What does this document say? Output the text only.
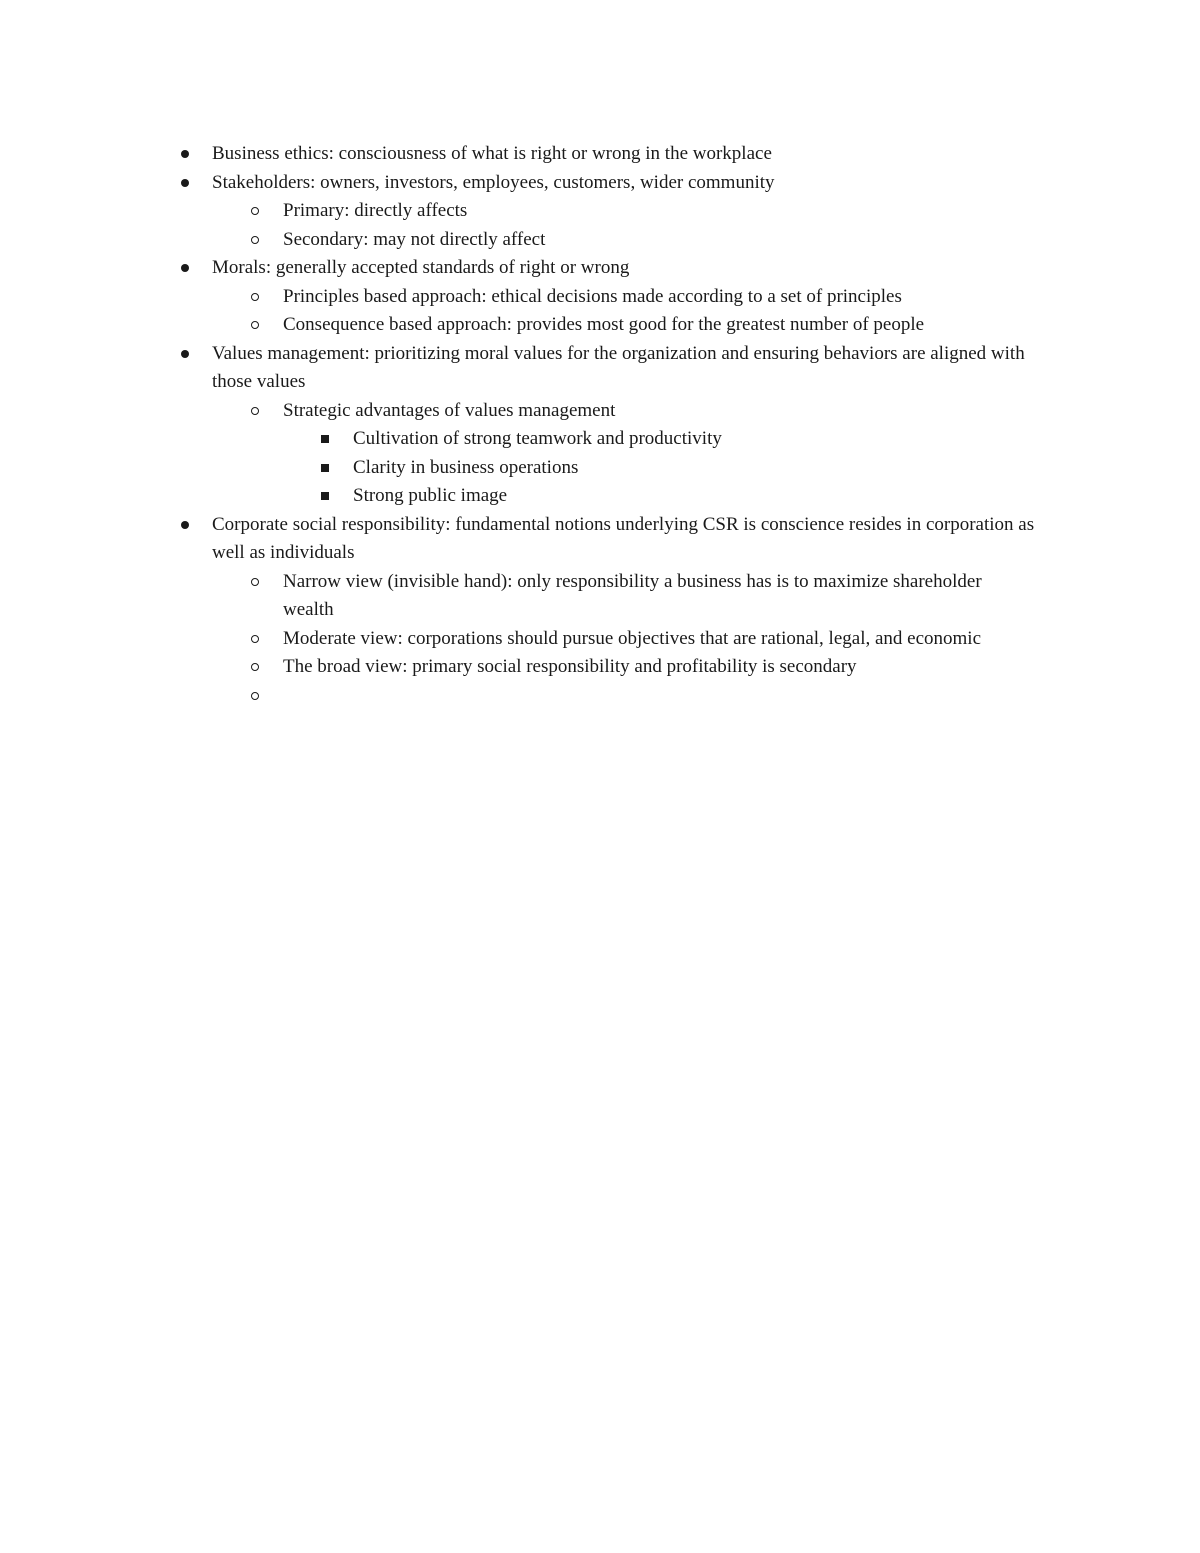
Business ethics: consciousness of what is right or wrong in the workplace
Stakeholders: owners, investors, employees, customers, wider community
Primary: directly affects
Secondary: may not directly affect
Morals: generally accepted standards of right or wrong
Principles based approach: ethical decisions made according to a set of principles
Consequence based approach: provides most good for the greatest number of people
Values management: prioritizing moral values for the organization and ensuring behaviors are aligned with those values
Strategic advantages of values management
Cultivation of strong teamwork and productivity
Clarity in business operations
Strong public image
Corporate social responsibility: fundamental notions underlying CSR is conscience resides in corporation as well as individuals
Narrow view (invisible hand): only responsibility a business has is to maximize shareholder wealth
Moderate view: corporations should pursue objectives that are rational, legal, and economic
The broad view: primary social responsibility and profitability is secondary
